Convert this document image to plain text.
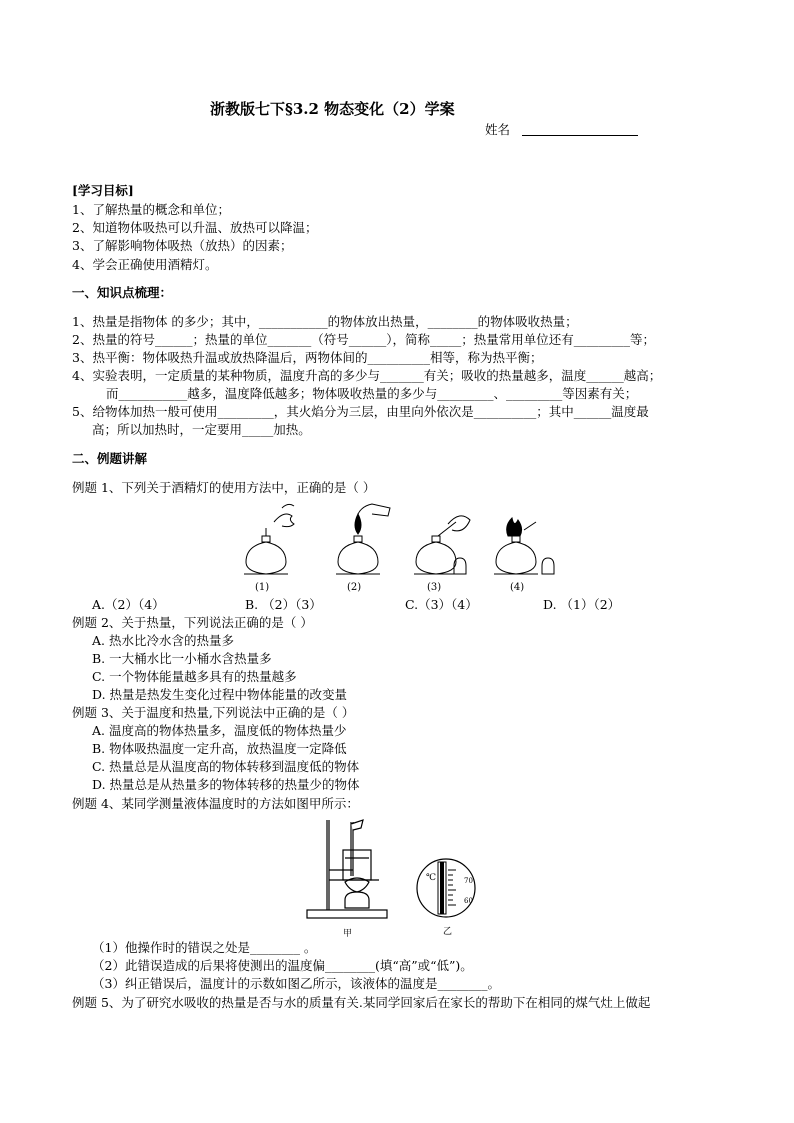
浙教版七下§3.2 物态变化（2）学案
姓名
[学习目标]
1、了解热量的概念和单位；
2、知道物体吸热可以升温、放热可以降温；
3、了解影响物体吸热（放热）的因素；
4、学会正确使用酒精灯。
一、知识点梳理：
1、热量是指物体 的多少；其中，___________的物体放出热量，________的物体吸收热量；
2、热量的符号______；热量的单位_______（符号______），简称_____；热量常用单位还有_________等；
3、热平衡：物体吸热升温或放热降温后，两物体间的__________相等，称为热平衡；
4、实验表明，一定质量的某种物质，温度升高的多少与_______有关；吸收的热量越多，温度______越高；
而___________越多，温度降低越多；物体吸收热量的多少与_________、_________等因素有关；
5、给物体加热一般可使用_________，其火焰分为三层，由里向外依次是__________；其中______温度最
高；所以加热时，一定要用_____加热。
二、例题讲解
例题 1、下列关于酒精灯的使用方法中，正确的是（ ）
(1)	(2)	(3)	(4)
A.（2）（4）	B. （2）（3）	C.（3）（4）	D. （1）（2）
例题 2、关于热量，下列说法正确的是（ ）
A. 热水比冷水含的热量多
B. 一大桶水比一小桶水含热量多
C. 一个物体能量越多具有的热量越多
D. 热量是热发生变化过程中物体能量的改变量
例题 3、关于温度和热量,下列说法中正确的是（ ）
A. 温度高的物体热量多，温度低的物体热量少
B. 物体吸热温度一定升高，放热温度一定降低
C. 热量总是从温度高的物体转移到温度低的物体
D. 热量总是从热量多的物体转移的热量少的物体
例题 4、某同学测量液体温度时的方法如图甲所示：
甲
℃	70
60
乙
（1）他操作时的错误之处是________ 。
（2）此错误造成的后果将使测出的温度偏________(填“高”或“低”)。
（3）纠正错误后，温度计的示数如图乙所示，该液体的温度是________。
例题 5、为了研究水吸收的热量是否与水的质量有关.某同学回家后在家长的帮助下在相同的煤气灶上做起
